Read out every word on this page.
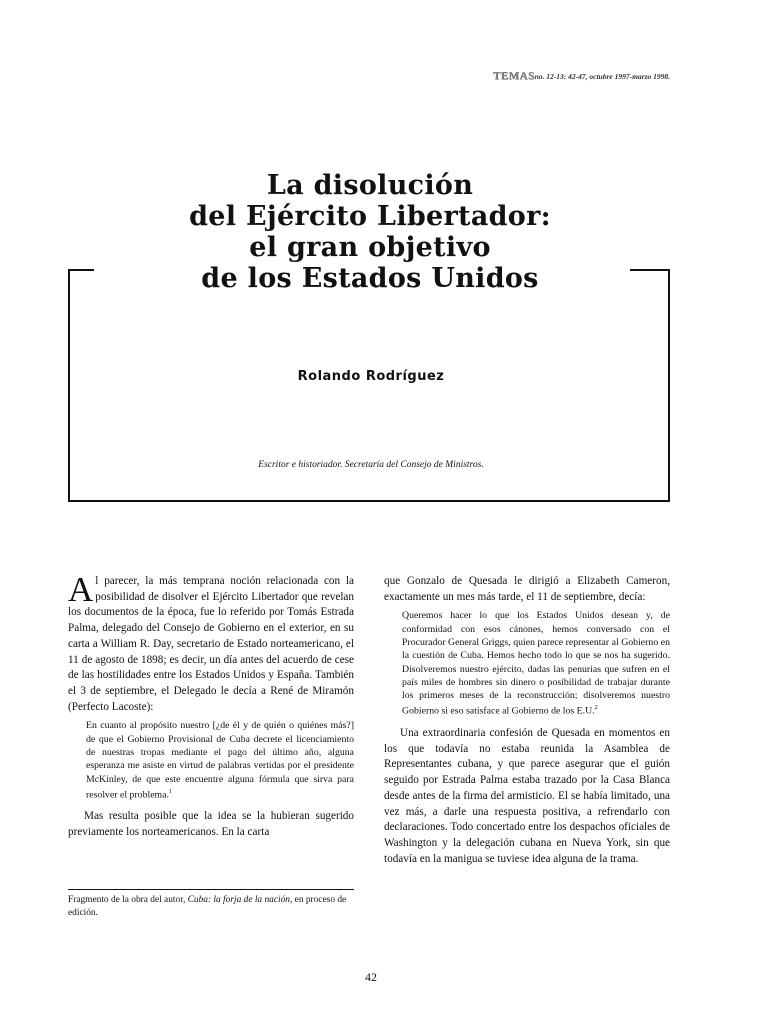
TEMASno. 12-13: 42-47, octubre 1997-marzo 1998.
La disolución
del Ejército Libertador:
el gran objetivo
de los Estados Unidos
Rolando Rodríguez
Escritor e historiador. Secretaría del Consejo de Ministros.

Al parecer, la más temprana noción relacionada con la posibilidad de disolver el Ejército Libertador que revelan los documentos de la época, fue lo referido por Tomás Estrada Palma, delegado del Consejo de Gobierno en el exterior, en su carta a William R. Day, secretario de Estado norteamericano, el 11 de agosto de 1898; es decir, un día antes del acuerdo de cese de las hostilidades entre los Estados Unidos y España. También el 3 de septiembre, el Delegado le decía a René de Miramón (Perfecto Lacoste):

En cuanto al propósito nuestro [¿de él y de quién o quiénes más?] de que el Gobierno Provisional de Cuba decrete el licenciamiento de nuestras tropas mediante el pago del último año, alguna esperanza me asiste en virtud de palabras vertidas por el presidente McKinley, de que este encuentre alguna fórmula que sirva para resolver el problema.$^1$

Mas resulta posible que la idea se la hubieran sugerido previamente los norteamericanos. En la carta

que Gonzalo de Quesada le dirigió a Elizabeth Cameron, exactamente un mes más tarde, el 11 de septiembre, decía:

Queremos hacer lo que los Estados Unidos desean y, de conformidad con esos cánones, hemos conversado con el Procurador General Griggs, quien parece representar al Gobierno en la cuestión de Cuba. Hemos hecho todo lo que se nos ha sugerido. Disolveremos nuestro ejército, dadas las penurias que sufren en el país miles de hombres sin dinero o posibilidad de trabajar durante los primeros meses de la reconstrucción; disolveremos nuestro Gobierno si eso satisface al Gobierno de los E.U.$^2$

Una extraordinaria confesión de Quesada en momentos en los que todavía no estaba reunida la Asamblea de Representantes cubana, y que parece asegurar que el guión seguido por Estrada Palma estaba trazado por la Casa Blanca desde antes de la firma del armisticio. El se había limitado, una vez más, a darle una respuesta positiva, a refrendarlo con declaraciones. Todo concertado entre los despachos oficiales de Washington y la delegación cubana en Nueva York, sin que todavía en la manigua se tuviese idea alguna de la trama.

Fragmento de la obra del autor, Cuba: la forja de la nación, en proceso de edición.
42
